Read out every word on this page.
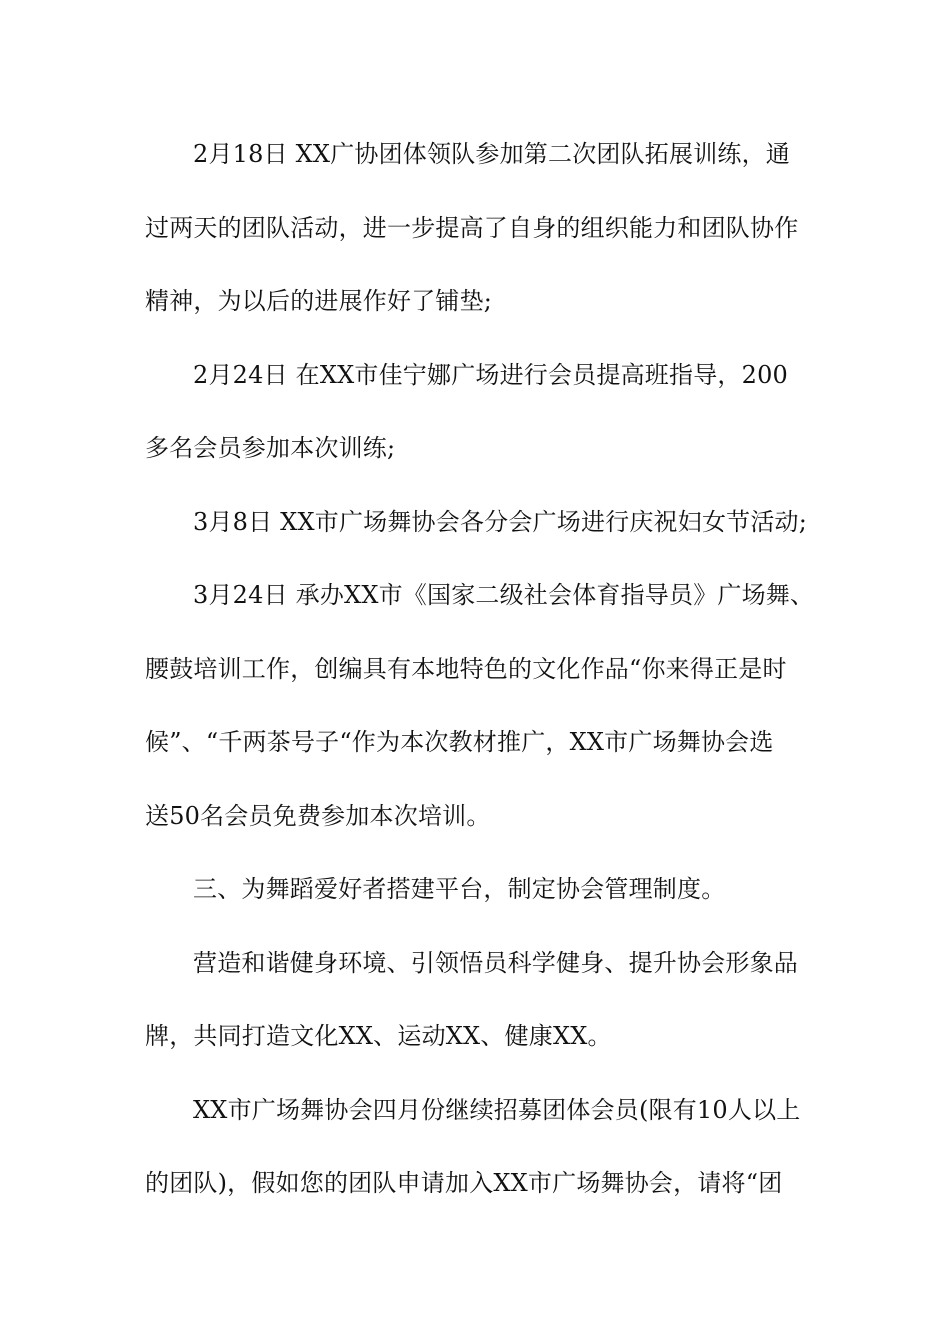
2月18日 XX广协团体领队参加第二次团队拓展训练，通
过两天的团队活动，进一步提高了自身的组织能力和团队协作
精神，为以后的进展作好了铺垫;
2月24日 在XX市佳宁娜广场进行会员提高班指导，200
多名会员参加本次训练;
3月8日 XX市广场舞协会各分会广场进行庆祝妇女节活动;
3月24日 承办XX市《国家二级社会体育指导员》广场舞、
腰鼓培训工作，创编具有本地特色的文化作品“你来得正是时
候”、“千两茶号子“作为本次教材推广，XX市广场舞协会选
送50名会员免费参加本次培训。
三、为舞蹈爱好者搭建平台，制定协会管理制度。
营造和谐健身环境、引领悟员科学健身、提升协会形象品
牌，共同打造文化XX、运动XX、健康XX。
XX市广场舞协会四月份继续招募团体会员(限有10人以上
的团队)，假如您的团队申请加入XX市广场舞协会，请将“团
